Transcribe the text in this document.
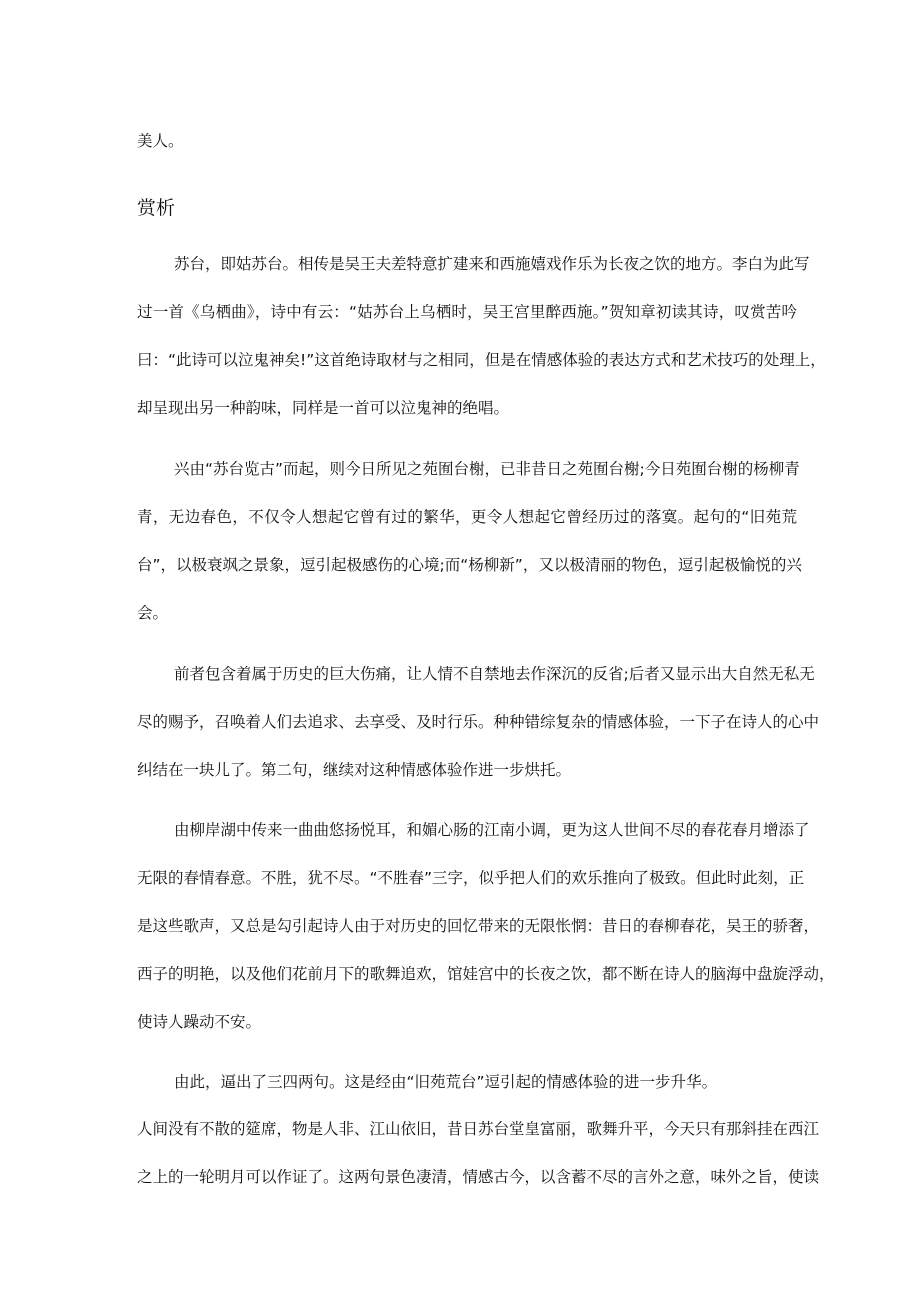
美人。
赏析
苏台，即姑苏台。相传是吴王夫差特意扩建来和西施嬉戏作乐为长夜之饮的地方。李白为此写
过一首《乌栖曲》，诗中有云：“姑苏台上乌栖时，吴王宫里醉西施。”贺知章初读其诗，叹赏苦吟
曰：“此诗可以泣鬼神矣!”这首绝诗取材与之相同，但是在情感体验的表达方式和艺术技巧的处理上，
却呈现出另一种韵味，同样是一首可以泣鬼神的绝唱。
兴由“苏台览古”而起，则今日所见之苑囿台榭，已非昔日之苑囿台榭;今日苑囿台榭的杨柳青
青，无边春色，不仅令人想起它曾有过的繁华，更令人想起它曾经历过的落寞。起句的“旧苑荒
台”，以极衰飒之景象，逗引起极感伤的心境;而“杨柳新”，又以极清丽的物色，逗引起极愉悦的兴
会。
前者包含着属于历史的巨大伤痛，让人情不自禁地去作深沉的反省;后者又显示出大自然无私无
尽的赐予，召唤着人们去追求、去享受、及时行乐。种种错综复杂的情感体验，一下子在诗人的心中
纠结在一块儿了。第二句，继续对这种情感体验作进一步烘托。
由柳岸湖中传来一曲曲悠扬悦耳，和媚心肠的江南小调，更为这人世间不尽的春花春月增添了
无限的春情春意。不胜，犹不尽。“不胜春”三字，似乎把人们的欢乐推向了极致。但此时此刻，正
是这些歌声，又总是勾引起诗人由于对历史的回忆带来的无限怅惘：昔日的春柳春花，吴王的骄奢，
西子的明艳，以及他们花前月下的歌舞追欢，馆娃宫中的长夜之饮，都不断在诗人的脑海中盘旋浮动，
使诗人躁动不安。
由此，逼出了三四两句。这是经由“旧苑荒台”逗引起的情感体验的进一步升华。
人间没有不散的筵席，物是人非、江山依旧，昔日苏台堂皇富丽，歌舞升平，今天只有那斜挂在西江
之上的一轮明月可以作证了。这两句景色凄清，情感古今，以含蓄不尽的言外之意，味外之旨，使读
